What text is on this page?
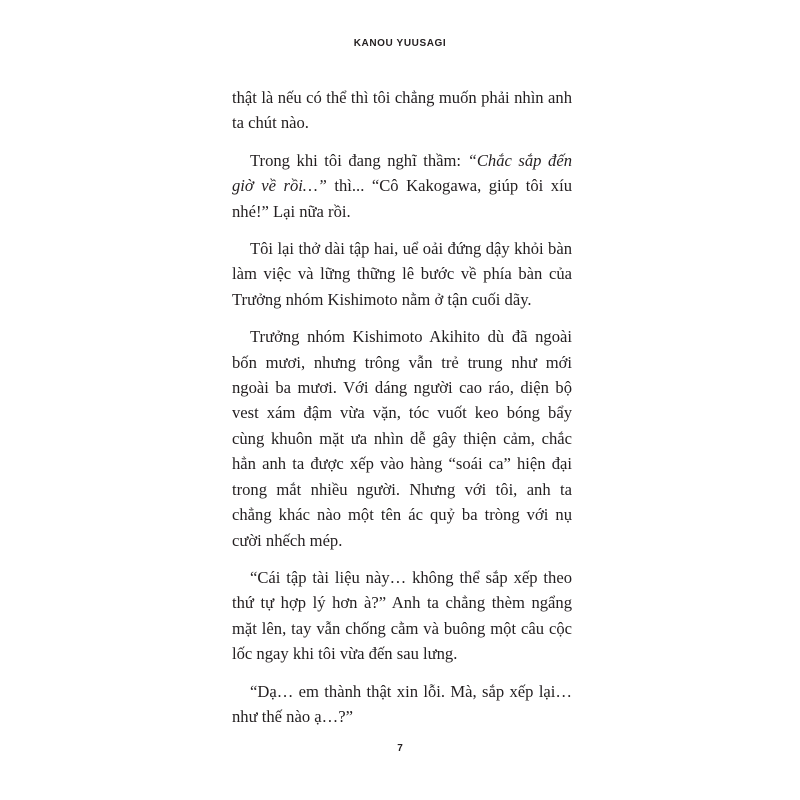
KANOU YUUSAGI

thật là nếu có thể thì tôi chẳng muốn phải nhìn anh ta chút nào.

Trong khi tôi đang nghĩ thầm: “Chắc sắp đến giờ về rồi…” thì... “Cô Kakogawa, giúp tôi xíu nhé!” Lại nữa rồi.

Tôi lại thở dài tập hai, uể oải đứng dậy khỏi bàn làm việc và lững thững lê bước về phía bàn của Trưởng nhóm Kishimoto nằm ở tận cuối dãy.

Trưởng nhóm Kishimoto Akihito dù đã ngoài bốn mươi, nhưng trông vẫn trẻ trung như mới ngoài ba mươi. Với dáng người cao ráo, diện bộ vest xám đậm vừa vặn, tóc vuốt keo bóng bẩy cùng khuôn mặt ưa nhìn dễ gây thiện cảm, chắc hẳn anh ta được xếp vào hàng “soái ca” hiện đại trong mắt nhiều người. Nhưng với tôi, anh ta chẳng khác nào một tên ác quỷ ba tròng với nụ cười nhếch mép.

“Cái tập tài liệu này… không thể sắp xếp theo thứ tự hợp lý hơn à?” Anh ta chẳng thèm ngẩng mặt lên, tay vẫn chống cằm và buông một câu cộc lốc ngay khi tôi vừa đến sau lưng.

“Dạ… em thành thật xin lỗi. Mà, sắp xếp lại… như thế nào ạ…?”

7
